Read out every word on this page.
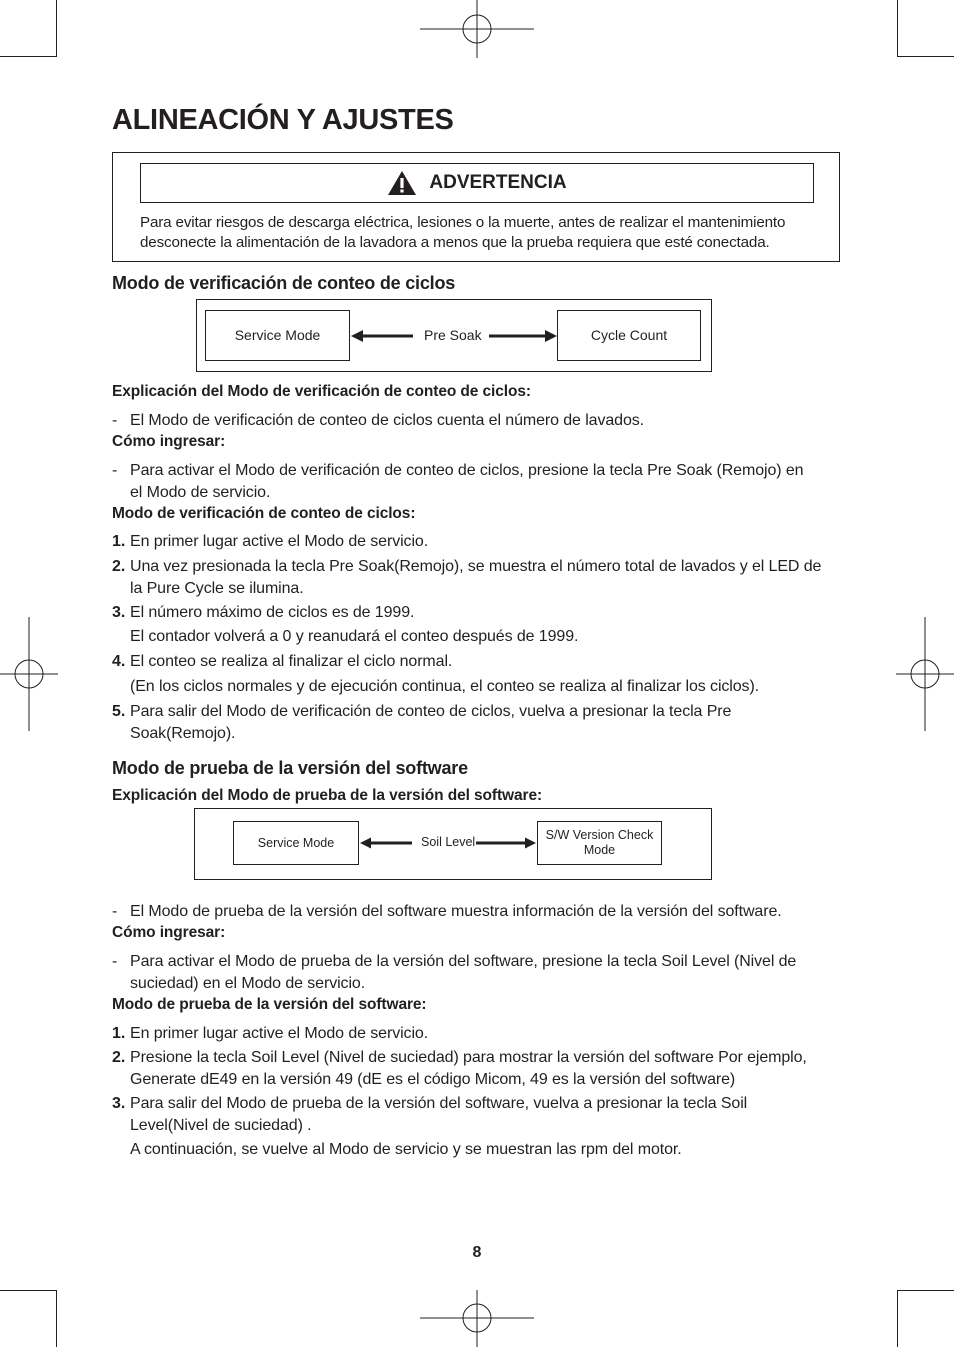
ALINEACIÓN Y AJUSTES
ADVERTENCIA
Para evitar riesgos de descarga eléctrica, lesiones o la muerte, antes de realizar el mantenimiento
desconecte la alimentación de la lavadora a menos que la prueba requiera que esté conectada.
Modo de verificación de conteo de ciclos
Service Mode	Pre Soak	Cycle Count
Explicación del Modo de verificación de conteo de ciclos:
- El Modo de verificación de conteo de ciclos cuenta el número de lavados.
Cómo ingresar:
- Para activar el Modo de verificación de conteo de ciclos, presione la tecla Pre Soak (Remojo) en
el Modo de servicio.
Modo de verificación de conteo de ciclos:
1. En primer lugar active el Modo de servicio.
2. Una vez presionada la tecla Pre Soak(Remojo), se muestra el número total de lavados y el LED de
la Pure Cycle se ilumina.
3. El número máximo de ciclos es de 1999.
El contador volverá a 0 y reanudará el conteo después de 1999.
4. El conteo se realiza al finalizar el ciclo normal.
(En los ciclos normales y de ejecución continua, el conteo se realiza al finalizar los ciclos).
5. Para salir del Modo de verificación de conteo de ciclos, vuelva a presionar la tecla Pre
Soak(Remojo).
Modo de prueba de la versión del software
Explicación del Modo de prueba de la versión del software:
Service Mode	Soil Level	S/W Version Check
Mode
- El Modo de prueba de la versión del software muestra información de la versión del software.
Cómo ingresar:
- Para activar el Modo de prueba de la versión del software, presione la tecla Soil Level (Nivel de
suciedad) en el Modo de servicio.
Modo de prueba de la versión del software:
1. En primer lugar active el Modo de servicio.
2. Presione la tecla Soil Level (Nivel de suciedad) para mostrar la versión del software Por ejemplo,
Generate dE49 en la versión 49 (dE es el código Micom, 49 es la versión del software)
3. Para salir del Modo de prueba de la versión del software, vuelva a presionar la tecla Soil
Level(Nivel de suciedad) .
A continuación, se vuelve al Modo de servicio y se muestran las rpm del motor.
8
